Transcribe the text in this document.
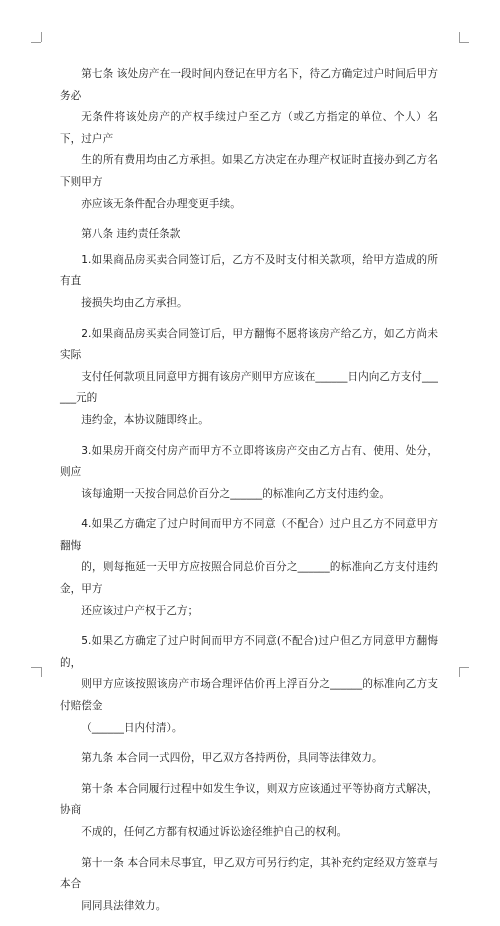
第七条 该处房产在一段时间内登记在甲方名下，待乙方确定过户时间后甲方务必
无条件将该处房产的产权手续过户至乙方（或乙方指定的单位、个人）名下，过户产
生的所有费用均由乙方承担。如果乙方决定在办理产权证时直接办到乙方名下则甲方
亦应该无条件配合办理变更手续。

第八条 违约责任条款

1.如果商品房买卖合同签订后，乙方不及时支付相关款项，给甲方造成的所有直
接损失均由乙方承担。

2.如果商品房买卖合同签订后，甲方翻悔不愿将该房产给乙方，如乙方尚未实际
支付任何款项且同意甲方拥有该房产则甲方应该在______日内向乙方支付______元的
违约金，本协议随即终止。

3.如果房开商交付房产而甲方不立即将该房产交由乙方占有、使用、处分，则应
该每逾期一天按合同总价百分之______的标准向乙方支付违约金。

4.如果乙方确定了过户时间而甲方不同意（不配合）过户且乙方不同意甲方翻悔
的，则每拖延一天甲方应按照合同总价百分之______的标准向乙方支付违约金，甲方
还应该过户产权于乙方；

5.如果乙方确定了过户时间而甲方不同意(不配合)过户但乙方同意甲方翻悔的，
则甲方应该按照该房产市场合理评估价再上浮百分之______的标准向乙方支付赔偿金
（______日内付清）。

第九条 本合同一式四份，甲乙双方各持两份，具同等法律效力。

第十条 本合同履行过程中如发生争议，则双方应该通过平等协商方式解决，协商
不成的，任何乙方都有权通过诉讼途径维护自己的权利。

第十一条 本合同未尽事宜，甲乙双方可另行约定，其补充约定经双方签章与本合
同同具法律效力。
